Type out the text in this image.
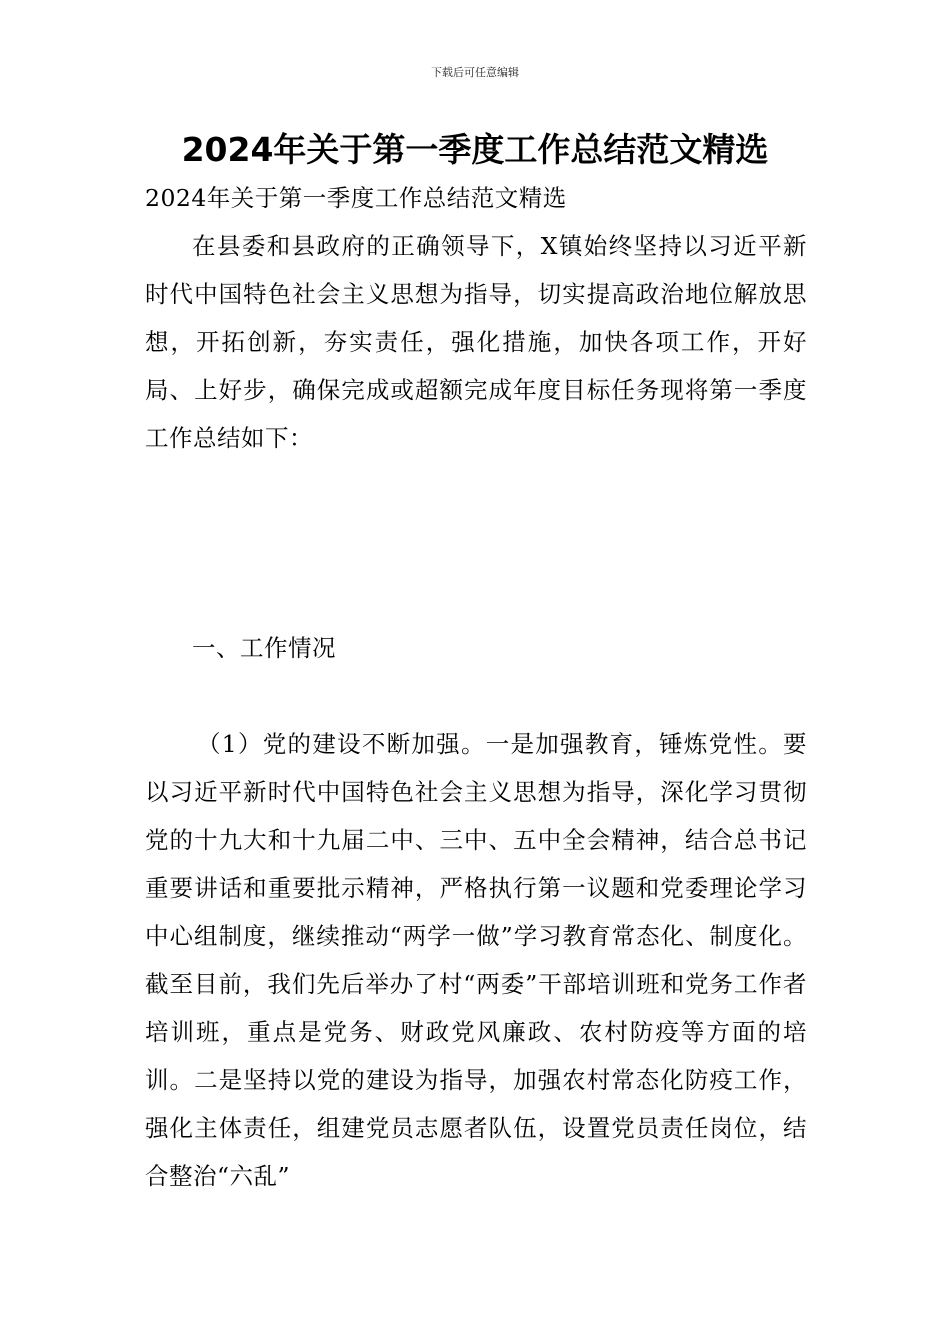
下载后可任意编辑
2024年关于第一季度工作总结范文精选

2024年关于第一季度工作总结范文精选

在县委和县政府的正确领导下，X镇始终坚持以习近平新时代中国特色社会主义思想为指导，切实提高政治地位解放思想，开拓创新，夯实责任，强化措施，加快各项工作，开好局、上好步，确保完成或超额完成年度目标任务现将第一季度工作总结如下：

一、工作情况

（1）党的建设不断加强。一是加强教育，锤炼党性。要以习近平新时代中国特色社会主义思想为指导，深化学习贯彻党的十九大和十九届二中、三中、五中全会精神，结合总书记重要讲话和重要批示精神，严格执行第一议题和党委理论学习中心组制度，继续推动“两学一做”学习教育常态化、制度化。截至目前，我们先后举办了村“两委”干部培训班和党务工作者培训班，重点是党务、财政党风廉政、农村防疫等方面的培训。二是坚持以党的建设为指导，加强农村常态化防疫工作，强化主体责任，组建党员志愿者队伍，设置党员责任岗位，结合整治“六乱”
